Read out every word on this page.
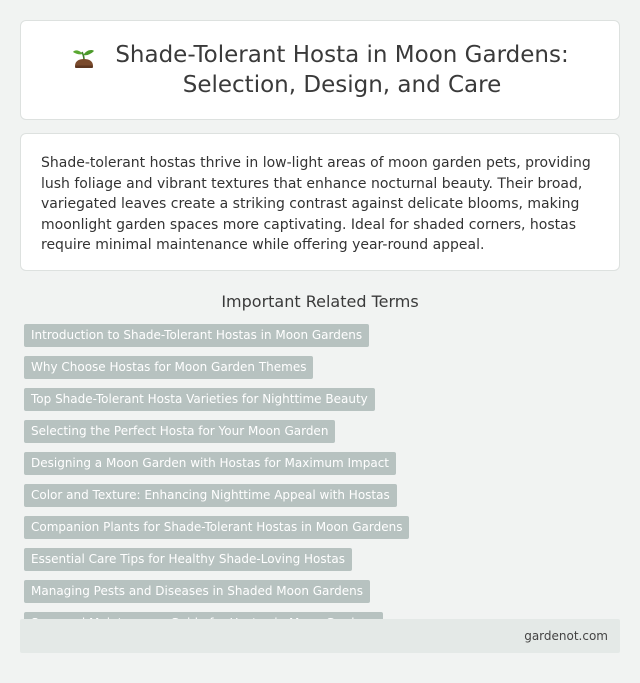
Shade-Tolerant Hosta in Moon Gardens:
Selection, Design, and Care

Shade-tolerant hostas thrive in low-light areas of moon garden pets, providing lush foliage and vibrant textures that enhance nocturnal beauty. Their broad, variegated leaves create a striking contrast against delicate blooms, making moonlight garden spaces more captivating. Ideal for shaded corners, hostas require minimal maintenance while offering year-round appeal.

Important Related Terms
Introduction to Shade-Tolerant Hostas in Moon Gardens
Why Choose Hostas for Moon Garden Themes
Top Shade-Tolerant Hosta Varieties for Nighttime Beauty
Selecting the Perfect Hosta for Your Moon Garden
Designing a Moon Garden with Hostas for Maximum Impact
Color and Texture: Enhancing Nighttime Appeal with Hostas
Companion Plants for Shade-Tolerant Hostas in Moon Gardens
Essential Care Tips for Healthy Shade-Loving Hostas
Managing Pests and Diseases in Shaded Moon Gardens
gardenot.com
